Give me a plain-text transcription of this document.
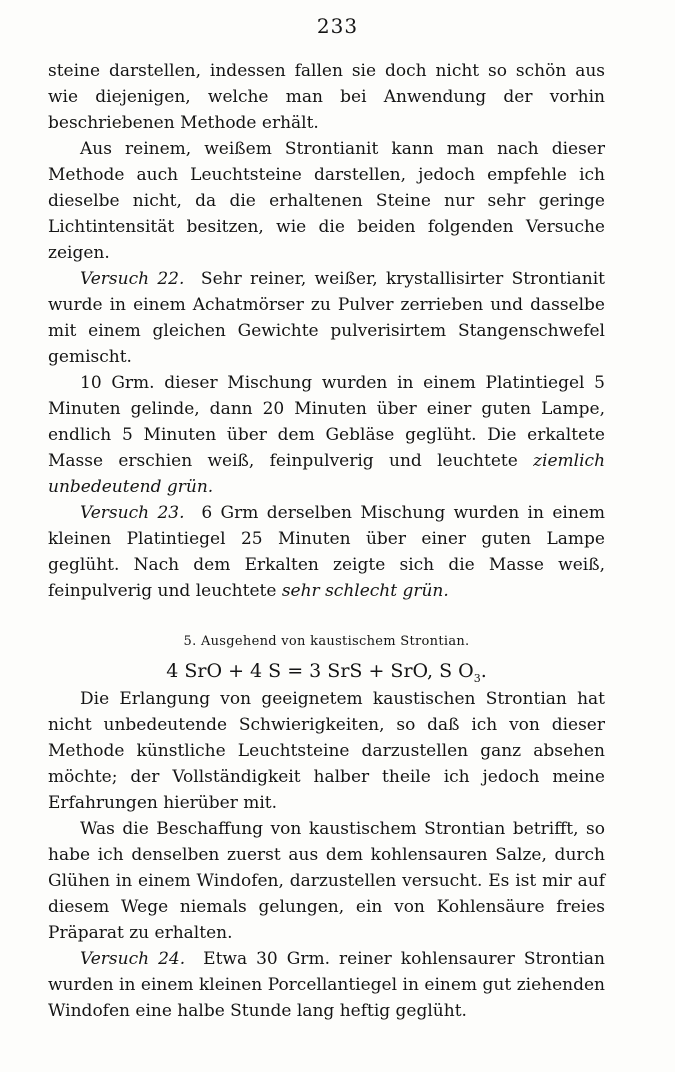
233

steine darstellen, indessen fallen sie doch nicht so schön aus wie diejenigen, welche man bei Anwendung der vorhin beschriebenen Methode erhält.

Aus reinem, weißem Strontianit kann man nach dieser Methode auch Leuchtsteine darstellen, jedoch empfehle ich dieselbe nicht, da die erhaltenen Steine nur sehr geringe Lichtintensität besitzen, wie die beiden folgenden Versuche zeigen.

Versuch 22. Sehr reiner, weißer, krystallisirter Strontianit wurde in einem Achatmörser zu Pulver zerrieben und dasselbe mit einem gleichen Gewichte pulverisirtem Stangenschwefel gemischt.

10 Grm. dieser Mischung wurden in einem Platintiegel 5 Minuten gelinde, dann 20 Minuten über einer guten Lampe, endlich 5 Minuten über dem Gebläse geglüht. Die erkaltete Masse erschien weiß, feinpulverig und leuchtete ziemlich unbedeutend grün.

Versuch 23. 6 Grm derselben Mischung wurden in einem kleinen Platintiegel 25 Minuten über einer guten Lampe geglüht. Nach dem Erkalten zeigte sich die Masse weiß, feinpulverig und leuchtete sehr schlecht grün.

5. Ausgehend von kaustischem Strontian.

4 SrO + 4 S = 3 SrS + SrO, S $O_3$.

Die Erlangung von geeignetem kaustischen Strontian hat nicht unbedeutende Schwierigkeiten, so daß ich von dieser Methode künstliche Leuchtsteine darzustellen ganz absehen möchte; der Vollständigkeit halber theile ich jedoch meine Erfahrungen hierüber mit.

Was die Beschaffung von kaustischem Strontian betrifft, so habe ich denselben zuerst aus dem kohlensauren Salze, durch Glühen in einem Windofen, darzustellen versucht. Es ist mir auf diesem Wege niemals gelungen, ein von Kohlensäure freies Präparat zu erhalten.

Versuch 24. Etwa 30 Grm. reiner kohlensaurer Strontian wurden in einem kleinen Porcellantiegel in einem gut ziehenden Windofen eine halbe Stunde lang heftig geglüht.
